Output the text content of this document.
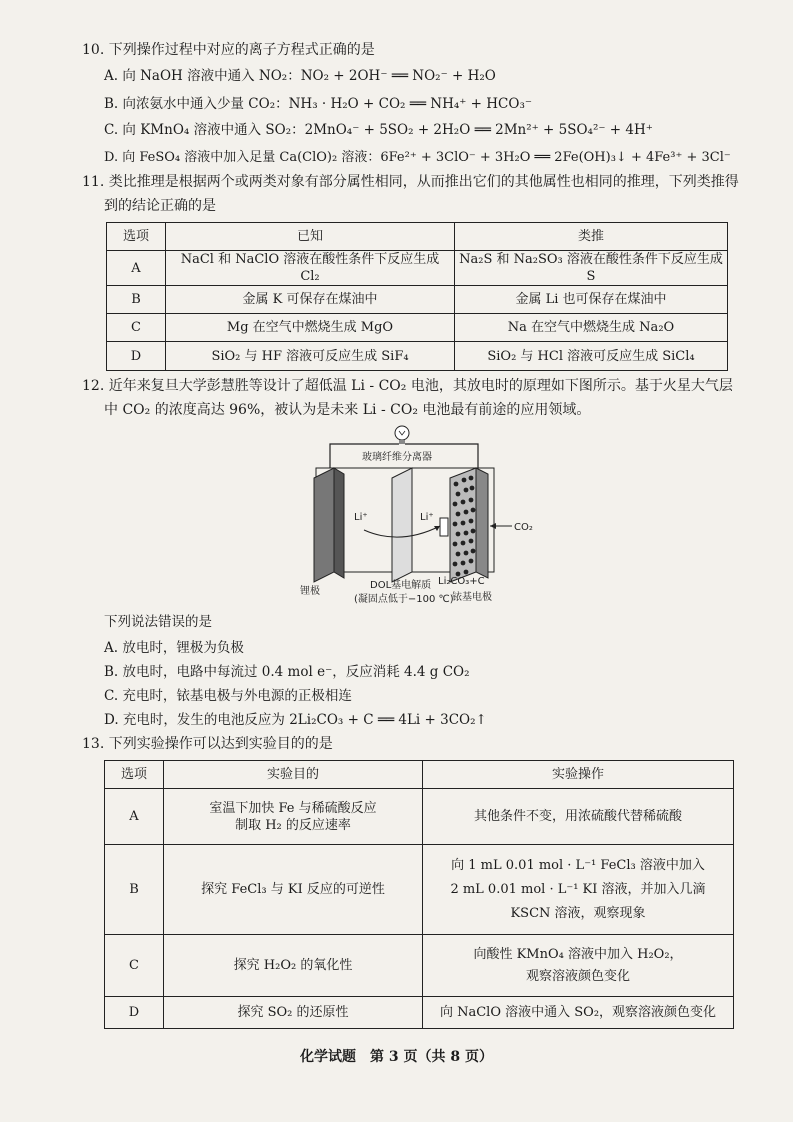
10. 下列操作过程中对应的离子方程式正确的是
A. 向 NaOH 溶液中通入 NO₂：NO₂ + 2OH⁻ ══ NO₂⁻ + H₂O
B. 向浓氨水中通入少量 CO₂：NH₃ · H₂O + CO₂ ══ NH₄⁺ + HCO₃⁻
C. 向 KMnO₄ 溶液中通入 SO₂：2MnO₄⁻ + 5SO₂ + 2H₂O ══ 2Mn²⁺ + 5SO₄²⁻ + 4H⁺
D. 向 FeSO₄ 溶液中加入足量 Ca(ClO)₂ 溶液：6Fe²⁺ + 3ClO⁻ + 3H₂O ══ 2Fe(OH)₃↓ + 4Fe³⁺ + 3Cl⁻
11. 类比推理是根据两个或两类对象有部分属性相同，从而推出它们的其他属性也相同的推理，下列类推得
到的结论正确的是
选项	已知	类推
A	NaCl 和 NaClO 溶液在酸性条件下反应生成 Cl₂	Na₂S 和 Na₂SO₃ 溶液在酸性条件下反应生成 S
B	金属 K 可保存在煤油中	金属 Li 也可保存在煤油中
C	Mg 在空气中燃烧生成 MgO	Na 在空气中燃烧生成 Na₂O
D	SiO₂ 与 HF 溶液可反应生成 SiF₄	SiO₂ 与 HCl 溶液可反应生成 SiCl₄
12. 近年来复旦大学彭慧胜等设计了超低温 Li - CO₂ 电池，其放电时的原理如下图所示。基于火星大气层
中 CO₂ 的浓度高达 96%，被认为是未来 Li - CO₂ 电池最有前途的应用领域。
玻璃纤维分离器
CO₂
Li⁺	Li⁺
锂极
DOL基电解质
(凝固点低于−100 ℃)
Li₂CO₃+C
铱基电极
下列说法错误的是
A. 放电时，锂极为负极
B. 放电时，电路中每流过 0.4 mol e⁻，反应消耗 4.4 g CO₂
C. 充电时，铱基电极与外电源的正极相连
D. 充电时，发生的电池反应为 2Li₂CO₃ + C ══ 4Li + 3CO₂↑
13. 下列实验操作可以达到实验目的的是
选项	实验目的	实验操作
A	室温下加快 Fe 与稀硫酸反应
制取 H₂ 的反应速率	其他条件不变，用浓硫酸代替稀硫酸

B	探究 FeCl₃ 与 KI 反应的可逆性	向 1 mL 0.01 mol · L⁻¹ FeCl₃ 溶液中加入
2 mL 0.01 mol · L⁻¹ KI 溶液，并加入几滴
KSCN 溶液，观察现象

C	探究 H₂O₂ 的氧化性	向酸性 KMnO₄ 溶液中加入 H₂O₂，
观察溶液颜色变化

D	探究 SO₂ 的还原性	向 NaClO 溶液中通入 SO₂，观察溶液颜色变化
化学试题　第 3 页（共 8 页）
